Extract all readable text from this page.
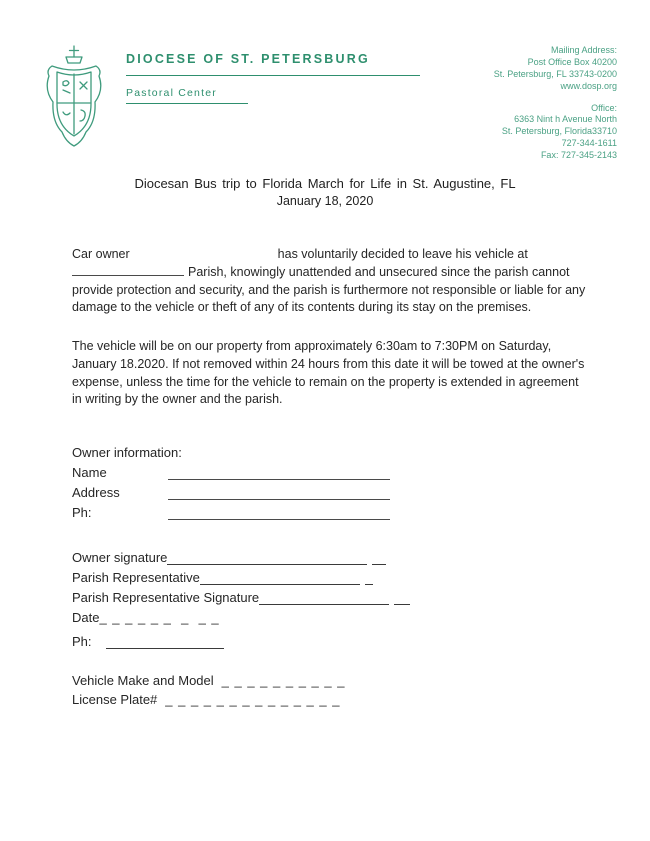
DIOCESE OF ST. PETERSBURG
Pastoral Center
Mailing Address:
Post Office Box 40200
St. Petersburg, FL 33743-0200
www.dosp.org
Office:
6363 Nint h Avenue North
St. Petersburg, Florida33710
727-344-1611
Fax: 727-345-2143
Diocesan Bus trip to Florida March for Life in St. Augustine, FL
January 18, 2020

Car owner	has voluntarily decided to leave his vehicle at Parish, knowingly unattended and unsecured since the parish cannot provide protection and security, and the parish is furthermore not responsible or liable for any damage to the vehicle or theft of any of its contents during its stay on the premises.

The vehicle will be on our property from approximately 6:30am to 7:30PM on Saturday, January 18.2020. If not removed within 24 hours from this date it will be towed at the owner's expense, unless the time for the vehicle to remain on the property is extended in agreement in writing by the owner and the parish.

Owner information:
Name
Address
Ph:
Owner signature
Parish Representative
Parish Representative Signature
Date _ _ _ _ _ _  _  _ _
Ph:
Vehicle Make and Model _ _ _ _ _ _ _ _ _ _
License Plate# _ _ _ _ _ _ _ _ _ _ _ _ _ _
